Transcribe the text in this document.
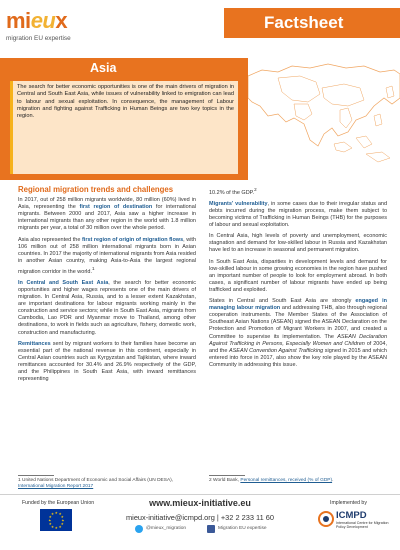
mieux
migration EU expertise
Factsheet
Asia
The search for better economic opportunities is one of the main drivers of migration in Central and South East Asia, while issues of vulnerability linked to emigration can lead to labour and sexual exploitation. In consequence, the management of Labour migration and fighting against Trafficking in Human Beings are two key topics in the region.
Regional migration trends and challenges

In 2017, out of 258 million migrants worldwide, 80 million (60%) lived in Asia, representing the first region of destination for international migrants. Between 2000 and 2017, Asia saw a higher increase in international migrants than any other region in the world with 1.8 million migrants per year, a total of 30 million over the whole period.

Asia also represented the first region of origin of migration flows, with 106 million out of 258 million international migrants born in Asian countries. In 2017 the majority of international migrants from Asia resided in another Asian country, making Asia-to-Asia the largest regional migration corridor in the world.$^1$

In Central and South East Asia, the search for better economic opportunities and higher wages represents one of the main drivers of migration. In Central Asia, Russia, and to a lesser extent Kazakhstan, are important destinations for labour migrants working mainly in the construction and service sectors; while in South East Asia, migrants from Cambodia, Lao PDR and Myanmar move to Thailand, among other destinations, to work in fields such as agriculture, fishery, domestic work, construction and manufacturing.

Remittances sent by migrant workers to their families have become an essential part of the national revenue in this continent, especially in Central Asian countries such as Kyrgyzstan and Tajikistan, where inward remittances accounted for 30.4% and 26.9% respectively of the GDP, and the Philippines in South East Asia, with inward remittances representing

10.2% of the GDP.$^2$

Migrants' vulnerability, in some cases due to their irregular status and debts incurred during the migration process, make them subject to becoming victims of Trafficking in Human Beings (THB) for the purposes of labour and sexual exploitation.

In Central Asia, high levels of poverty and unemployment, economic stagnation and demand for low-skilled labour in Russia and Kazakhstan have led to an increase in seasonal and permanent migration.

In South East Asia, disparities in development levels and demand for low-skilled labour in some growing economies in the region have pushed an important number of people to look for employment abroad. In both cases, a significant number of labour migrants have ended up being trafficked and exploited.

States in Central and South East Asia are strongly engaged in managing labour migration and addressing THB, also through regional cooperation instruments. The Member States of the Association of Southeast Asian Nations (ASEAN) signed the ASEAN Declaration on the Protection and Promotion of Migrant Workers in 2007, and created a Committee to supervise its implementation. The ASEAN Declaration Against Trafficking in Persons, Especially Women and Children of 2004, and the ASEAN Convention Against Trafficking signed in 2015 and which entered into force in 2017, also show the key role played by the ASEAN Community in addressing this issue.

1 United Nations Department of Economic and Social Affairs (UN DESA), International Migration Report 2017
2 World Bank, Personal remittances, received (% of GDP).
Funded by the European Union
★ ★
★
★
★
★
★
★
★
★
★
★
www.mieux-initiative.eu
mieux-initiative@icmpd.org | +32 2 233 11 60
@mieux_migration	Migration EU expertise
Implemented by
ICMPD
International Centre for Migration Policy Development
